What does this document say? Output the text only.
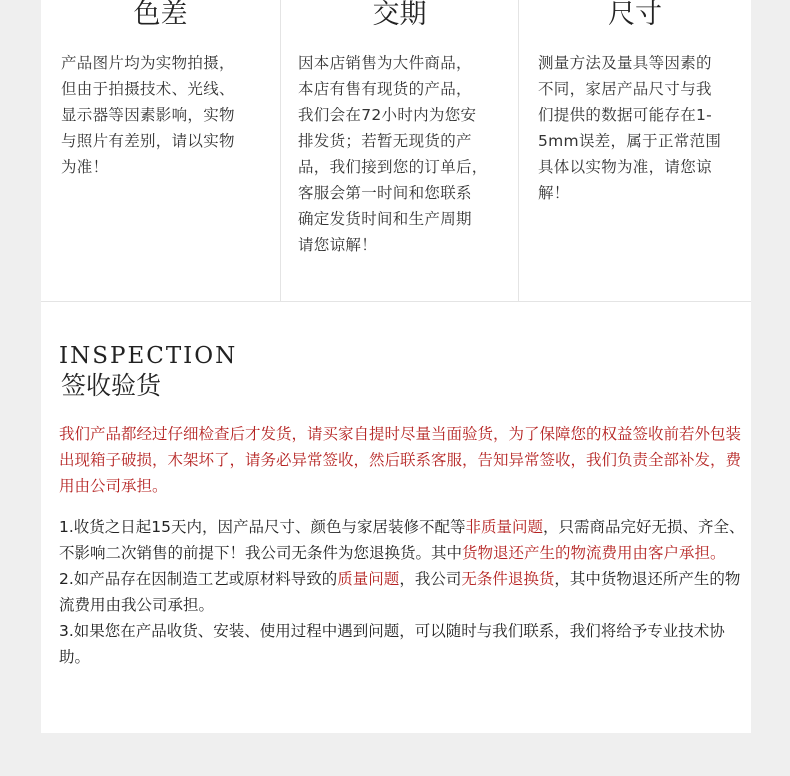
色差
产品图片均为实物拍摄，
但由于拍摄技术、光线、
显示器等因素影响，实物
与照片有差别，请以实物
为准！
交期
因本店销售为大件商品，
本店有售有现货的产品，
我们会在72小时内为您安
排发货；若暂无现货的产
品，我们接到您的订单后，
客服会第一时间和您联系
确定发货时间和生产周期
请您谅解！
尺寸
测量方法及量具等因素的
不同，家居产品尺寸与我
们提供的数据可能存在1-
5mm误差，属于正常范围
具体以实物为准，请您谅
解！
INSPECTION
签收验货
我们产品都经过仔细检查后才发货，请买家自提时尽量当面验货，为了保障您的权益签收前若外包装出现箱子破损，木架坏了，请务必异常签收，然后联系客服，告知异常签收，我们负责全部补发，费用由公司承担。

1.收货之日起15天内，因产品尺寸、颜色与家居装修不配等非质量问题，只需商品完好无损、齐全、不影响二次销售的前提下！我公司无条件为您退换货。其中货物退还产生的物流费用由客户承担。

2.如产品存在因制造工艺或原材料导致的质量问题，我公司无条件退换货，其中货物退还所产生的物流费用由我公司承担。

3.如果您在产品收货、安装、使用过程中遇到问题，可以随时与我们联系，我们将给予专业技术协助。
